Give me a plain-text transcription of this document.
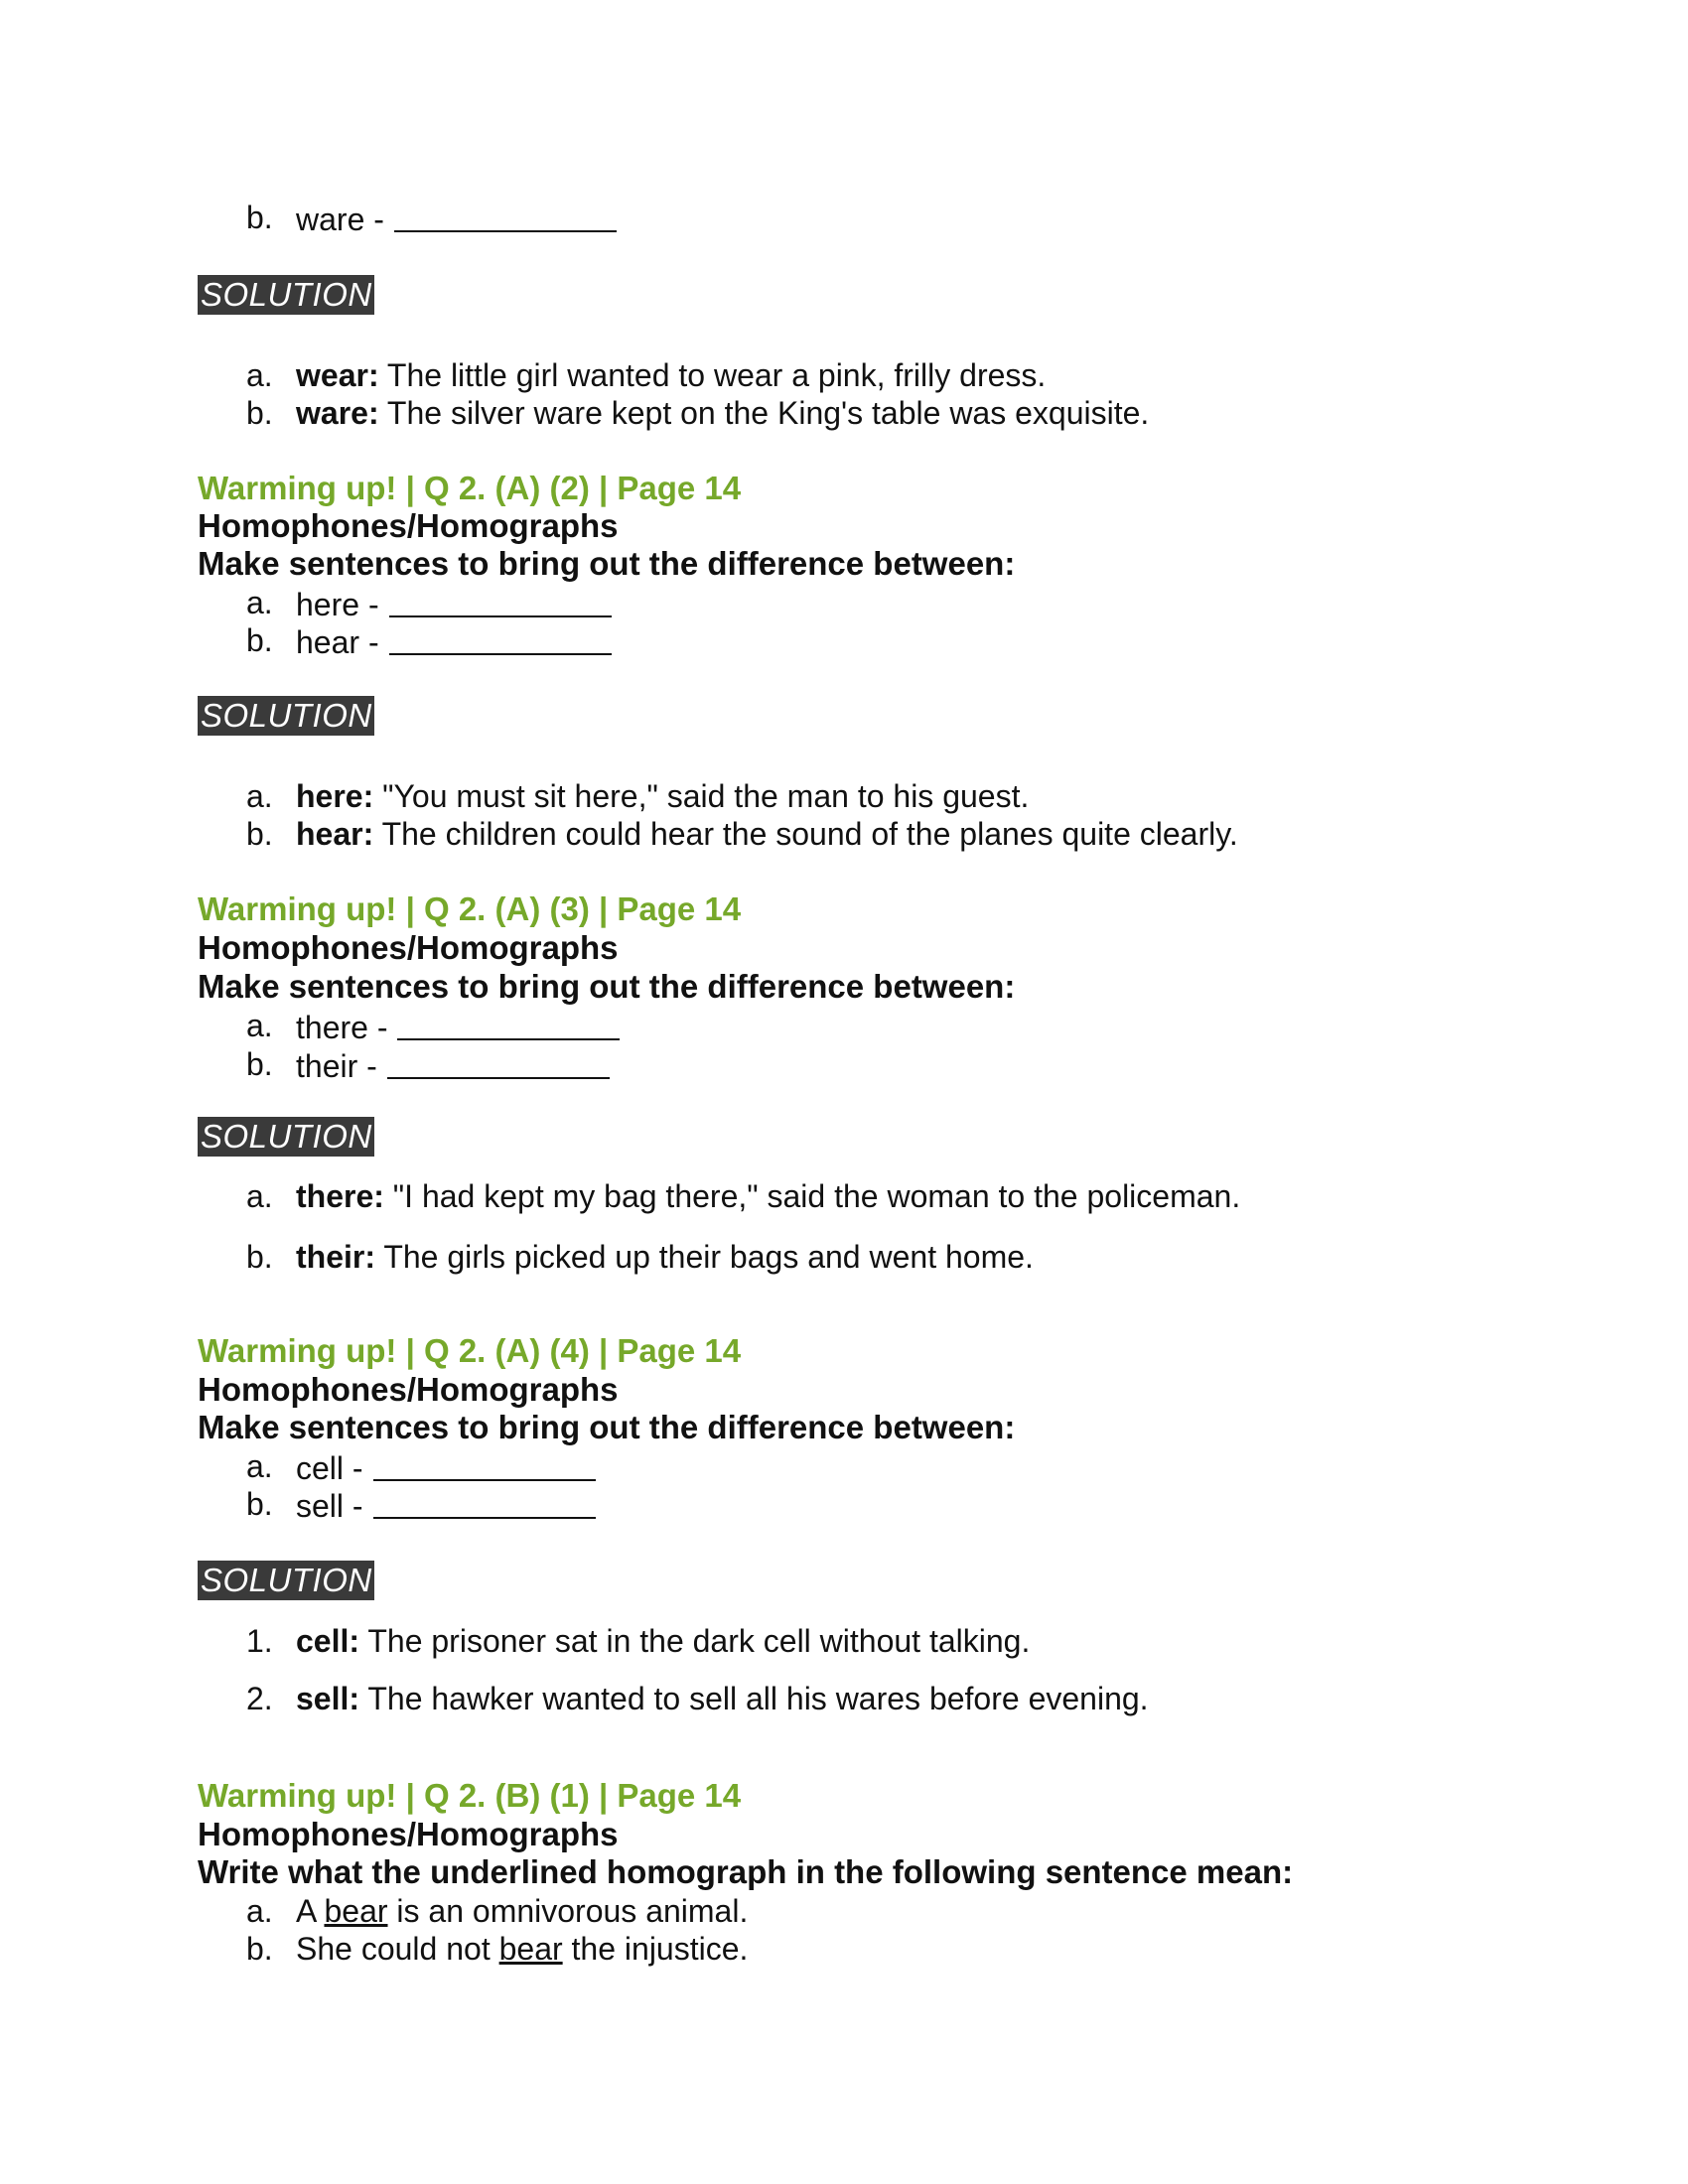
b. ware -
SOLUTION
a. wear: The little girl wanted to wear a pink, frilly dress.
b. ware: The silver ware kept on the King's table was exquisite.
Warming up! | Q 2. (A) (2) | Page 14
Homophones/Homographs
Make sentences to bring out the difference between:
a. here -
b. hear -
SOLUTION
a. here: "You must sit here," said the man to his guest.
b. hear: The children could hear the sound of the planes quite clearly.
Warming up! | Q 2. (A) (3) | Page 14
Homophones/Homographs
Make sentences to bring out the difference between:
a. there -
b. their -
SOLUTION
a. there: "I had kept my bag there," said the woman to the policeman.
b. their: The girls picked up their bags and went home.
Warming up! | Q 2. (A) (4) | Page 14
Homophones/Homographs
Make sentences to bring out the difference between:
a. cell -
b. sell -
SOLUTION
1. cell: The prisoner sat in the dark cell without talking.
2. sell: The hawker wanted to sell all his wares before evening.
Warming up! | Q 2. (B) (1) | Page 14
Homophones/Homographs
Write what the underlined homograph in the following sentence mean:
a. A bear is an omnivorous animal.
b. She could not bear the injustice.
